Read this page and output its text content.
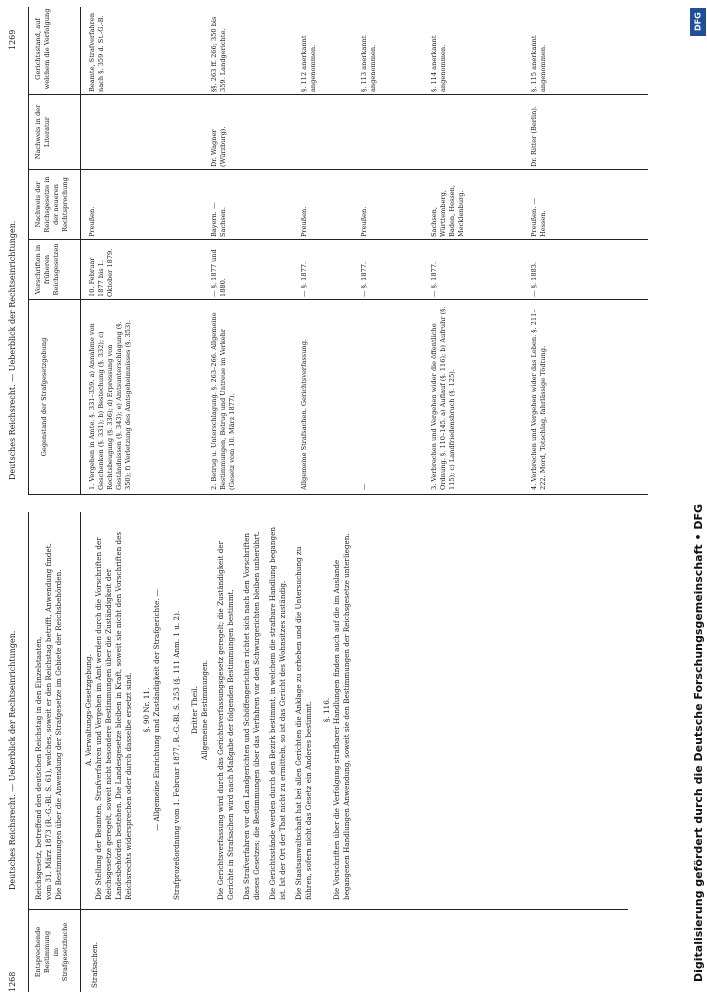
1268
Deutsches Reichsrecht. — Ueberblick der Rechtseinrichtungen.

Entsprechende Bestimmung im Strafgesetzbuche	Strafsachen.

Reichsgesetz, betreffend den deutschen Reichstag in den Einzelstaaten, vom 31. März 1873 (R.-G.-Bl. S. 61), welches, soweit er den Reichstag betrifft, Anwendung findet. Die Bestimmungen über die Anwendung der Strafgesetze im Gebiete der Reichsbehörden.	A. Verwaltungs-Gesetzgebung. Die Stellung der Beamten, Strafverfahren und Vergehen im Amt werden durch die Vorschriften der Reichsgesetze geregelt, soweit nicht besondere Bestimmungen über die Zuständigkeit der Landesbehörden bestehen. Die Landesgesetze bleiben in Kraft, soweit sie nicht den Vorschriften des Reichsrechts widersprechen oder durch dasselbe ersetzt sind. §. 90 Nr. 11. — Allgemeine Einrichtung und Zuständigkeit der Strafgerichte. — Strafprozeßordnung vom 1. Februar 1877, R.-G.-Bl. S. 253 (§. 111 Anm. 1 u. 2). Dritter Theil. Allgemeine Bestimmungen. Die Gerichtsverfassung wird durch das Gerichtsverfassungsgesetz geregelt; die Zuständigkeit der Gerichte in Strafsachen wird nach Maßgabe der folgenden Bestimmungen bestimmt. Das Strafverfahren vor den Landgerichten und Schöffengerichten richtet sich nach den Vorschriften dieses Gesetzes; die Bestimmungen über das Verfahren vor den Schwurgerichten bleiben unberührt. Die Gerichtsstände werden durch den Bezirk bestimmt, in welchem die strafbare Handlung begangen ist. Ist der Ort der That nicht zu ermitteln, so ist das Gericht des Wohnsitzes zuständig. Die Staatsanwaltschaft hat bei allen Gerichten die Anklage zu erheben und die Untersuchung zu führen, sofern nicht das Gesetz ein Anderes bestimmt. §. 116. Die Vorschriften über die Verfolgung strafbarer Handlungen finden auch auf die im Auslande begangenen Handlungen Anwendung, soweit sie den Bestimmungen der Reichsgesetze unterliegen.

Deutsches Reichsrecht. — Ueberblick der Rechtseinrichtungen.
1269
Gegenstand der Strafgesetzgebung
Vorschriften in früheren Reichsgesetzen
Nachweis der Reichsgesetze in der neueren Rechtsprechung
Nachweis in der Literatur
Gerichtsstand, auf welchem die Verfolgung
1. Vergehen in Amte. §. 331–359. a) Annahme von Geschenken (§. 331); b) Bestechung (§. 332); c) Rechtsbeugung (§. 336); d) Erpressung von Geständnissen (§. 343); e) Amtsunterschlagung (§. 350); f) Verletzung des Amtsgeheimnisses (§. 353).
10. Februar 1877 bis 1. Oktober 1879.
Preußen.
Beamte, Strafverfahren nach §. 359 d. St.-G.-B.
2. Betrug u. Unterschlagung. §. 263–266. Allgemeine Bestimmungen, Betrug und Untreue im Verkehr (Gesetz vom 10. März 1877).
— §. 1877 und 1880.
Bayern. — Sachsen.
Dr. Wagner (Würzburg).
§§. 263 ff. 266; 350 bis 359. Landgerichte.
Allgemeine Strafsachen. Gerichtsverfassung.
— §. 1877.
Preußen.
§. 112 anerkannt angenommen.
—
— §. 1877.
Preußen.
§. 113 anerkannt angenommen.
3. Verbrechen und Vergehen wider die öffentliche Ordnung. §. 110–145. a) Auflauf (§. 116); b) Aufruhr (§. 115); c) Landfriedensbruch (§. 125).
— §. 1877.
Sachsen, Württemberg, Baden, Hessen, Mecklenburg.
§. 114 anerkannt angenommen.
4. Verbrechen und Vergehen wider das Leben. §. 211–222. Mord, Totschlag, fahrlässige Tödtung.
— §. 1883.
Preußen. — Hessen.
Dr. Ritter (Berlin).
§. 115 anerkannt angenommen.
DFG
Digitalisierung gefördert durch die Deutsche Forschungsgemeinschaft • DFG
